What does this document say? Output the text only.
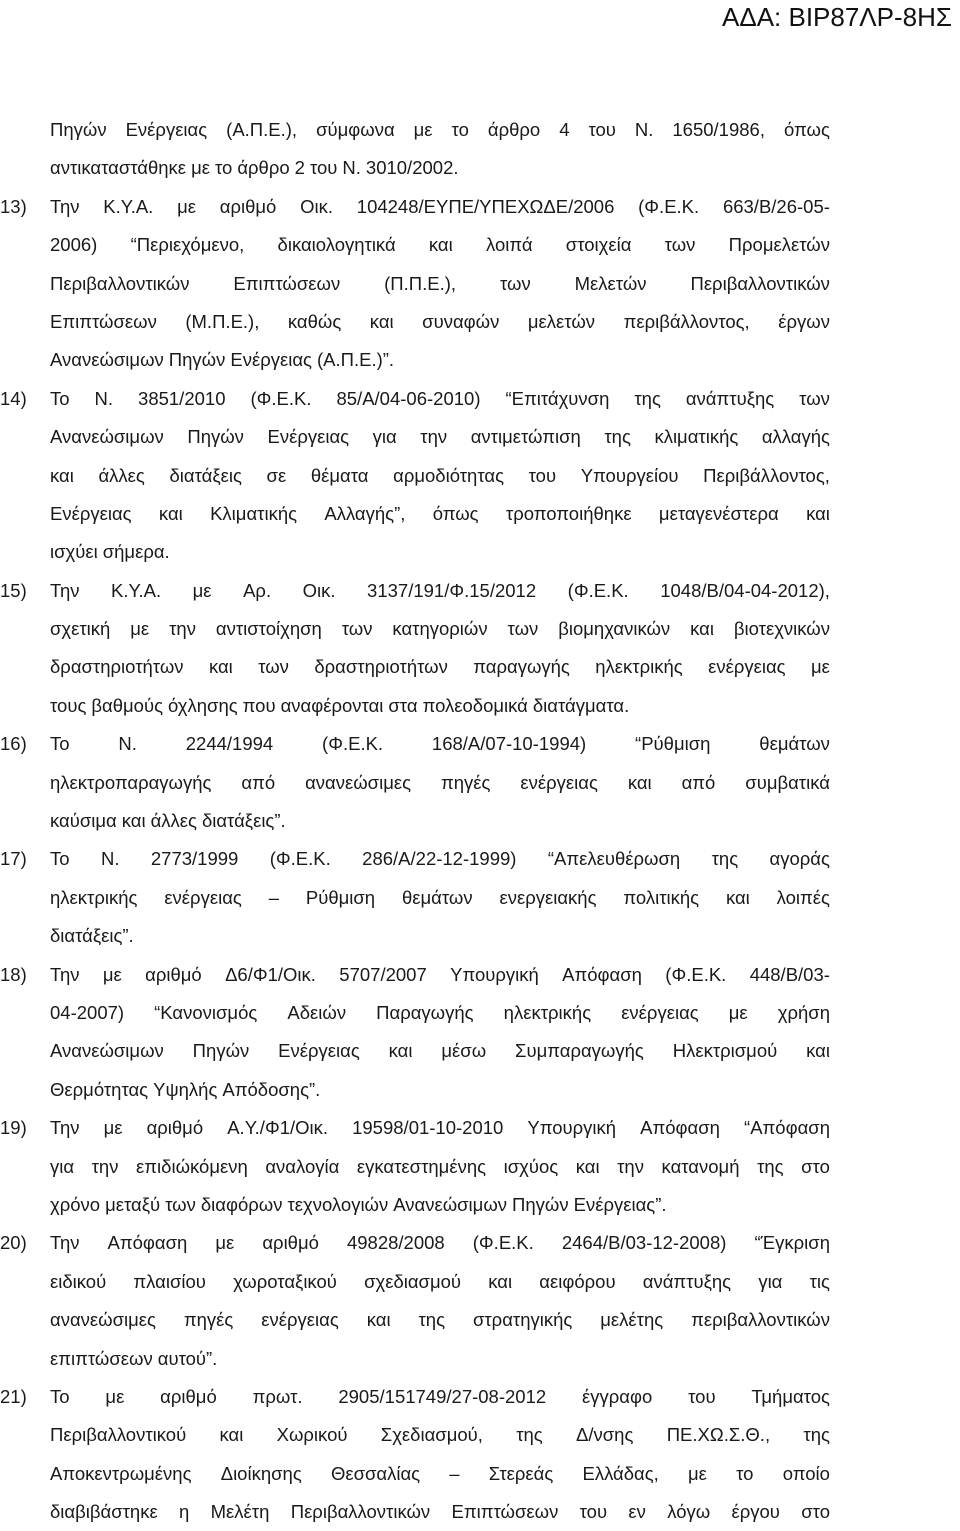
ΑΔΑ: ΒΙΡ87ΛΡ-8ΗΣ
Πηγών Ενέργειας (Α.Π.Ε.), σύμφωνα με το άρθρο 4 του Ν. 1650/1986, όπως
αντικαταστάθηκε με το άρθρο 2 του Ν. 3010/2002.
13) Την Κ.Υ.Α. με αριθμό Οικ. 104248/ΕΥΠΕ/ΥΠΕΧΩΔΕ/2006 (Φ.Ε.Κ. 663/Β/26-05-
2006) “Περιεχόμενο, δικαιολογητικά και λοιπά στοιχεία των Προμελετών
Περιβαλλοντικών Επιπτώσεων (Π.Π.Ε.), των Μελετών Περιβαλλοντικών
Επιπτώσεων (Μ.Π.Ε.), καθώς και συναφών μελετών περιβάλλοντος, έργων
Ανανεώσιμων Πηγών Ενέργειας (Α.Π.Ε.)”.
14) Το Ν. 3851/2010 (Φ.Ε.Κ. 85/Α/04-06-2010) “Επιτάχυνση της ανάπτυξης των
Ανανεώσιμων Πηγών Ενέργειας για την αντιμετώπιση της κλιματικής αλλαγής
και άλλες διατάξεις σε θέματα αρμοδιότητας του Υπουργείου Περιβάλλοντος,
Ενέργειας και Κλιματικής Αλλαγής”, όπως τροποποιήθηκε μεταγενέστερα και
ισχύει σήμερα.
15) Την Κ.Υ.Α. με Αρ. Οικ. 3137/191/Φ.15/2012 (Φ.Ε.Κ. 1048/Β/04-04-2012),
σχετική με την αντιστοίχηση των κατηγοριών των βιομηχανικών και βιοτεχνικών
δραστηριοτήτων και των δραστηριοτήτων παραγωγής ηλεκτρικής ενέργειας με
τους βαθμούς όχλησης που αναφέρονται στα πολεοδομικά διατάγματα.
16) Το	Ν.	2244/1994	(Φ.Ε.Κ.	168/Α/07-10-1994)	“Ρύθμιση	θεμάτων
ηλεκτροπαραγωγής από ανανεώσιμες πηγές ενέργειας και από συμβατικά
καύσιμα και άλλες διατάξεις”.
17) Το Ν. 2773/1999 (Φ.Ε.Κ. 286/Α/22-12-1999) “Απελευθέρωση της αγοράς
ηλεκτρικής ενέργειας – Ρύθμιση θεμάτων ενεργειακής πολιτικής και λοιπές
διατάξεις”.
18) Την με αριθμό Δ6/Φ1/Οικ. 5707/2007 Υπουργική Απόφαση (Φ.Ε.Κ. 448/Β/03-
04-2007) “Κανονισμός Αδειών Παραγωγής ηλεκτρικής ενέργειας με χρήση
Ανανεώσιμων Πηγών Ενέργειας και μέσω Συμπαραγωγής Ηλεκτρισμού και
Θερμότητας Υψηλής Απόδοσης”.
19) Την με αριθμό Α.Υ./Φ1/Οικ. 19598/01-10-2010 Υπουργική Απόφαση “Απόφαση
για την επιδιώκόμενη αναλογία εγκατεστημένης ισχύος και την κατανομή της στο
χρόνο μεταξύ των διαφόρων τεχνολογιών Ανανεώσιμων Πηγών Ενέργειας”.
20) Την Απόφαση με αριθμό 49828/2008 (Φ.Ε.Κ. 2464/Β/03-12-2008) “Έγκριση
ειδικού πλαισίου χωροταξικού σχεδιασμού και αειφόρου ανάπτυξης για τις
ανανεώσιμες πηγές ενέργειας και της στρατηγικής μελέτης περιβαλλοντικών
επιπτώσεων αυτού”.
21) Το με αριθμό πρωτ. 2905/151749/27-08-2012 έγγραφο του Τμήματος
Περιβαλλοντικού και Χωρικού Σχεδιασμού, της Δ/νσης ΠΕ.ΧΩ.Σ.Θ., της
Αποκεντρωμένης Διοίκησης Θεσσαλίας – Στερεάς Ελλάδας, με το οποίο
διαβιβάστηκε η Μελέτη Περιβαλλοντικών Επιπτώσεων του εν λόγω έργου στο
